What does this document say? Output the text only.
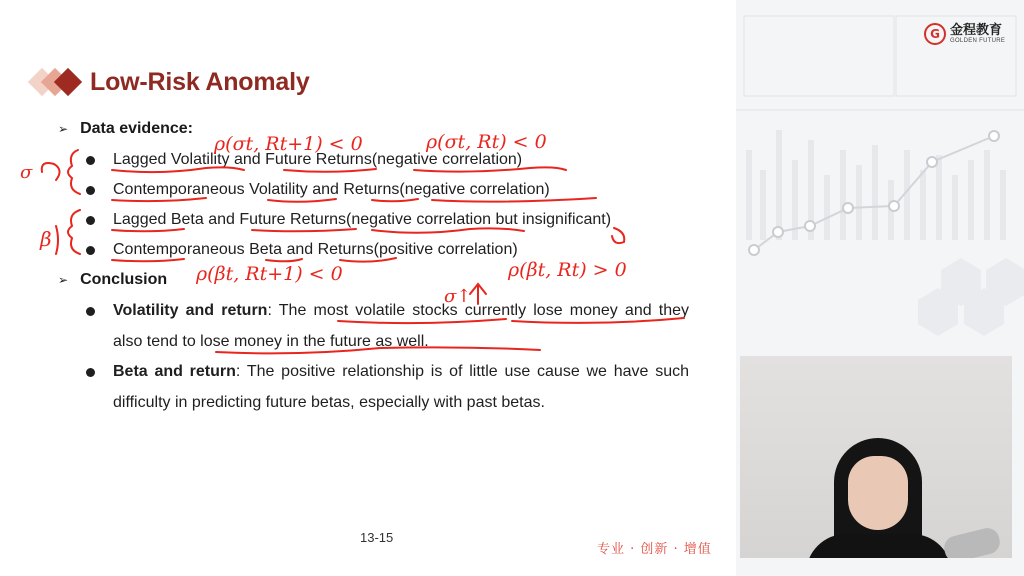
G 金程教育
GOLDEN FUTURE
Low-Risk Anomaly
➢ Data evidence:
Lagged Volatility and Future Returns(negative correlation)
Contemporaneous Volatility and Returns(negative correlation)
Lagged Beta and Future Returns(negative correlation but insignificant)
Contemporaneous Beta and Returns(positive correlation)
➢ Conclusion
Volatility and return: The most volatile stocks currently lose money and they also tend to lose money in the future as well.
Beta and return: The positive relationship is of little use cause we have such difficulty in predicting future betas, especially with past betas.
13-15
专业 · 创新 · 增值
ρ(σt, Rt+1) < 0	ρ(σt, Rt) < 0
ρ(βt, Rt+1) < 0	ρ(βt, Rt) > 0
σ↑
σ
β
